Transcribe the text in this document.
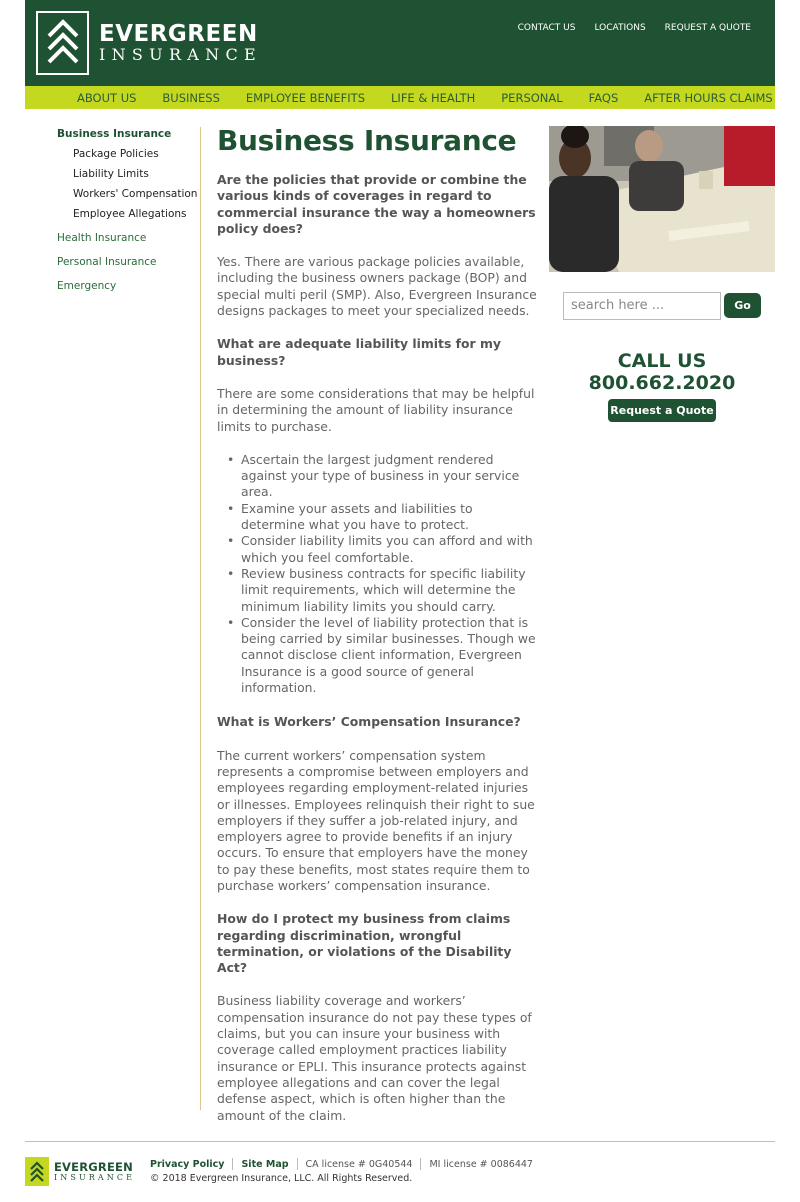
EVERGREEN
INSURANCE
CONTACT US LOCATIONS REQUEST A QUOTE
ABOUT US BUSINESS EMPLOYEE BENEFITS LIFE & HEALTH PERSONAL FAQS AFTER HOURS CLAIMS
Business Insurance
Package Policies
Liability Limits
Workers' Compensation
Employee Allegations
Health Insurance
Personal Insurance
Emergency
Business Insurance

Are the policies that provide or combine the various kinds of coverages in regard to commercial insurance the way a homeowners policy does?

Yes. There are various package policies available, including the business owners package (BOP) and special multi peril (SMP). Also, Evergreen Insurance designs packages to meet your specialized needs.

What are adequate liability limits for my business?

There are some considerations that may be helpful in determining the amount of liability insurance limits to purchase.

• Ascertain the largest judgment rendered against your type of business in your service area.
• Examine your assets and liabilities to determine what you have to protect.
• Consider liability limits you can afford and with which you feel comfortable.
• Review business contracts for specific liability limit requirements, which will determine the minimum liability limits you should carry.
• Consider the level of liability protection that is being carried by similar businesses. Though we cannot disclose client information, Evergreen Insurance is a good source of general information.

What is Workers’ Compensation Insurance?

The current workers’ compensation system represents a compromise between employers and employees regarding employment-related injuries or illnesses. Employees relinquish their right to sue employers if they suffer a job-related injury, and employers agree to provide benefits if an injury occurs. To ensure that employers have the money to pay these benefits, most states require them to purchase workers’ compensation insurance.

How do I protect my business from claims regarding discrimination, wrongful termination, or violations of the Disability Act?

Business liability coverage and workers’ compensation insurance do not pay these types of claims, but you can insure your business with coverage called employment practices liability insurance or EPLI. This insurance protects against employee allegations and can cover the legal defense aspect, which is often higher than the amount of the claim.

search here ...	Go
CALL US
800.662.2020
Request a Quote
EVERGREEN
INSURANCE
Privacy Policy Site Map CA license # 0G40544 MI license # 0086447
© 2018 Evergreen Insurance, LLC. All Rights Reserved.
